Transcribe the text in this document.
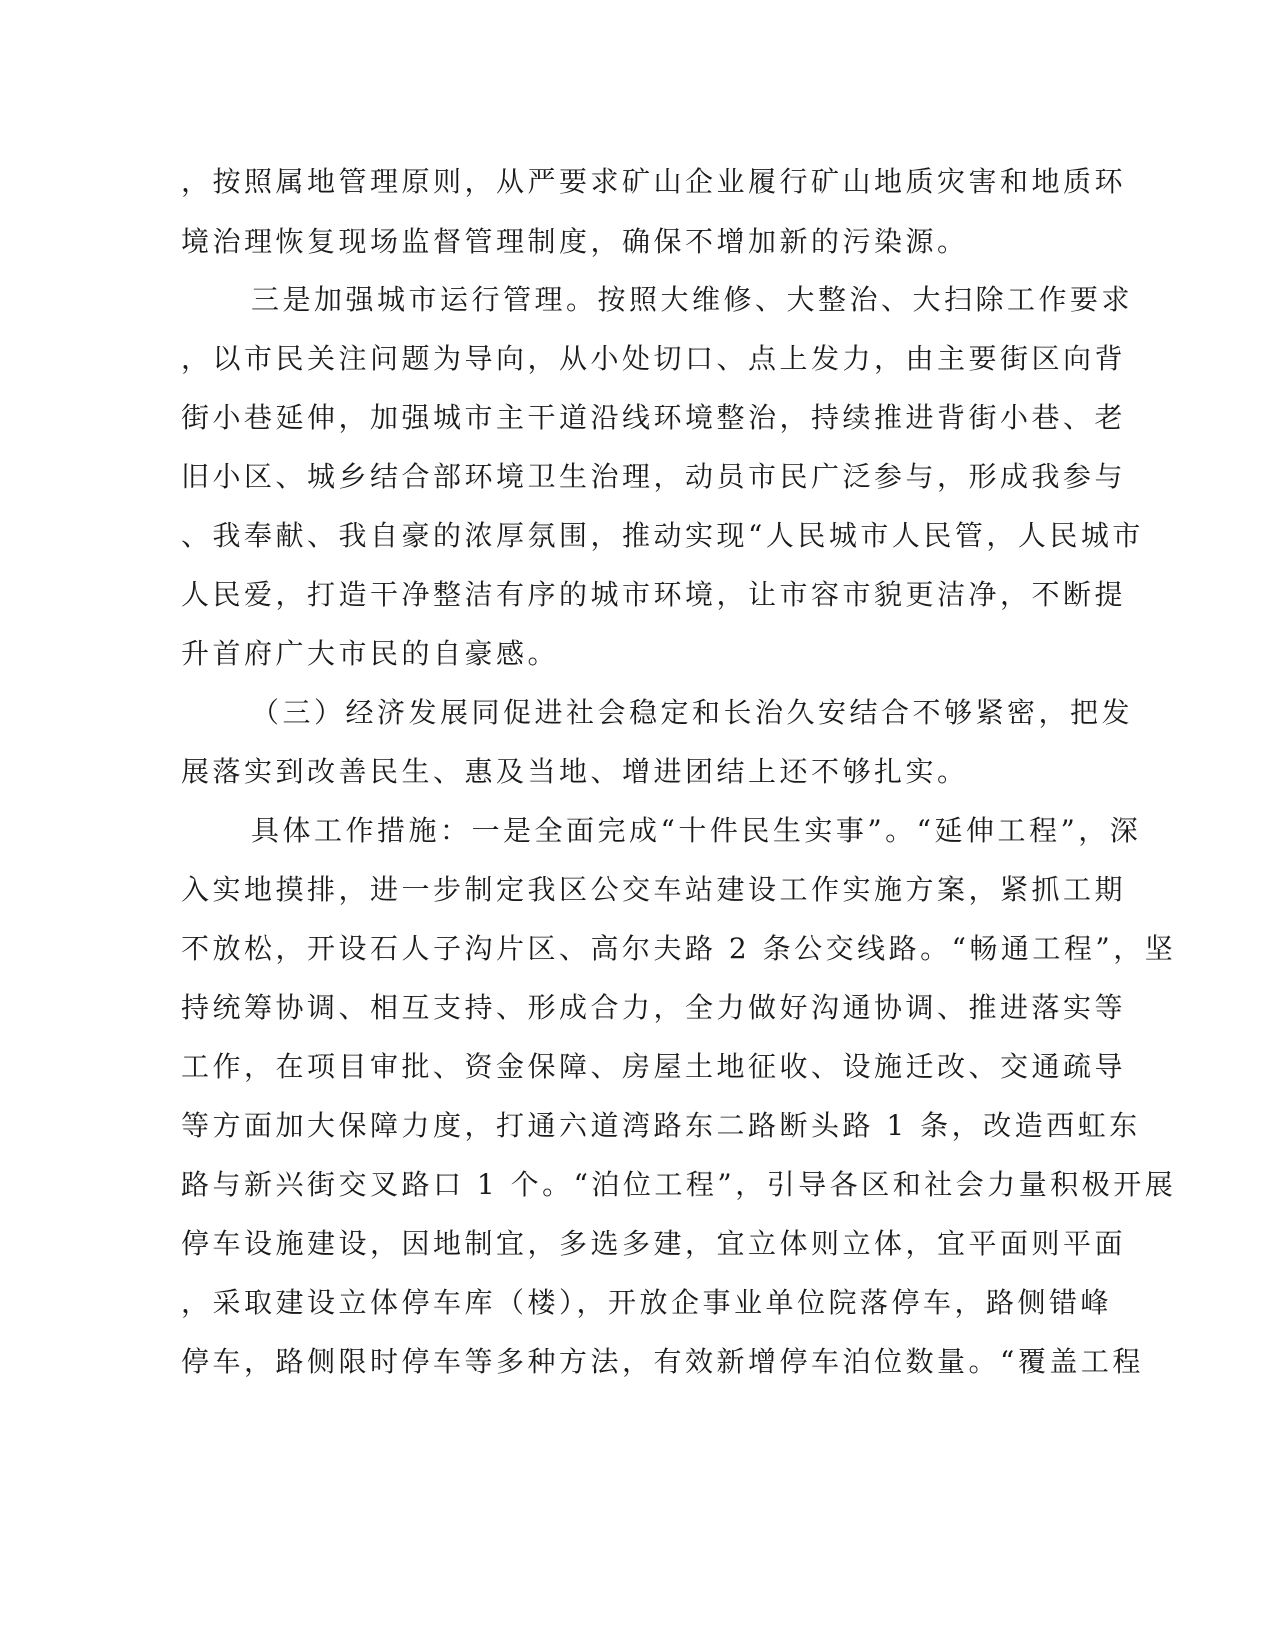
，按照属地管理原则，从严要求矿山企业履行矿山地质灾害和地质环
境治理恢复现场监督管理制度，确保不增加新的污染源。
三是加强城市运行管理。按照大维修、大整治、大扫除工作要求
，以市民关注问题为导向，从小处切口、点上发力，由主要街区向背
街小巷延伸，加强城市主干道沿线环境整治，持续推进背街小巷、老
旧小区、城乡结合部环境卫生治理，动员市民广泛参与，形成我参与
、我奉献、我自豪的浓厚氛围，推动实现“人民城市人民管，人民城市
人民爱，打造干净整洁有序的城市环境，让市容市貌更洁净，不断提
升首府广大市民的自豪感。
（三）经济发展同促进社会稳定和长治久安结合不够紧密，把发
展落实到改善民生、惠及当地、增进团结上还不够扎实。
具体工作措施：一是全面完成“十件民生实事”。“延伸工程”，深
入实地摸排，进一步制定我区公交车站建设工作实施方案，紧抓工期
不放松，开设石人子沟片区、高尔夫路 2 条公交线路。“畅通工程”，坚
持统筹协调、相互支持、形成合力，全力做好沟通协调、推进落实等
工作，在项目审批、资金保障、房屋土地征收、设施迁改、交通疏导
等方面加大保障力度，打通六道湾路东二路断头路 1 条，改造西虹东
路与新兴街交叉路口 1 个。“泊位工程”，引导各区和社会力量积极开展
停车设施建设，因地制宜，多选多建，宜立体则立体，宜平面则平面
，采取建设立体停车库（楼），开放企事业单位院落停车，路侧错峰
停车，路侧限时停车等多种方法，有效新增停车泊位数量。“覆盖工程
